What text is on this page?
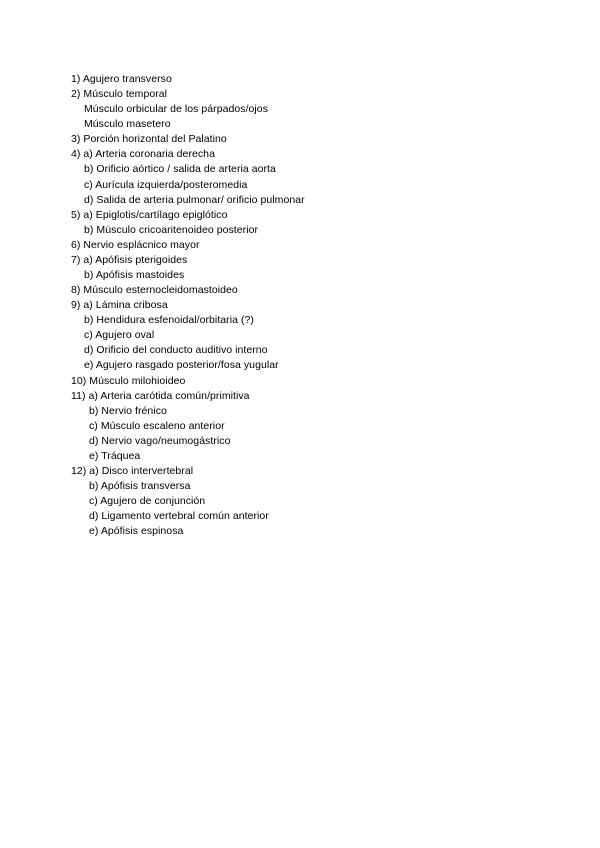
1) Agujero transverso
2) Músculo temporal
Músculo orbicular de los párpados/ojos
Músculo masetero
3) Porción horizontal del Palatino
4) a) Arteria coronaria derecha
b) Orificio aórtico / salida de arteria aorta
c) Aurícula izquierda/posteromedia
d) Salida de arteria pulmonar/ orificio pulmonar
5) a) Epiglotis/cartílago epiglótico
b) Músculo cricoaritenoideo posterior
6) Nervio esplácnico mayor
7) a) Apófisis pterigoides
b) Apófisis mastoides
8) Músculo esternocleidomastoideo
9) a) Lámina cribosa
b) Hendidura esfenoidal/orbitaria (?)
c) Agujero oval
d) Orificio del conducto auditivo interno
e) Agujero rasgado posterior/fosa yugular
10) Músculo milohioideo
11) a) Arteria carótida común/primitiva
b) Nervio frénico
c) Músculo escaleno anterior
d) Nervio vago/neumogástrico
e) Tráquea
12) a) Disco intervertebral
b) Apófisis transversa
c) Agujero de conjunción
d) Ligamento vertebral común anterior
e) Apófisis espinosa
